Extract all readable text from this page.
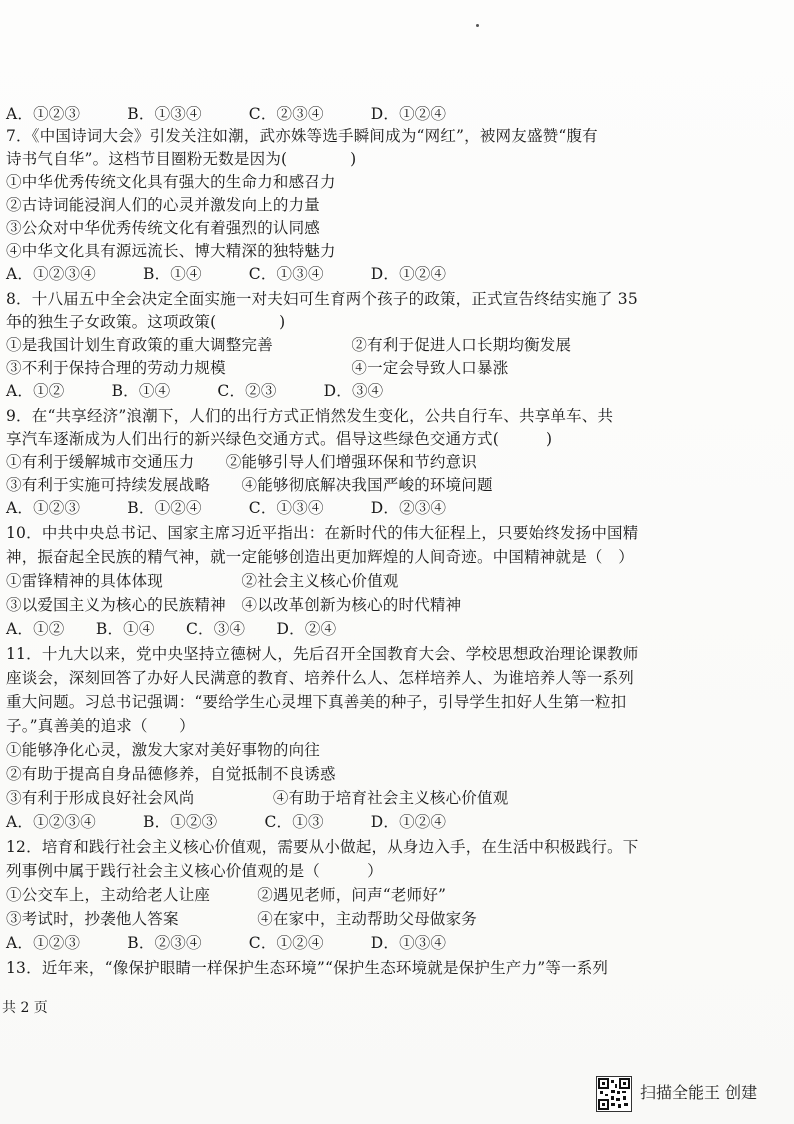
A．①②③　　　B．①③④　　　C．②③④　　　D．①②④
7．《中国诗词大会》引发关注如潮，武亦姝等选手瞬间成为“网红”，被网友盛赞“腹有
诗书气自华”。这档节目圈粉无数是因为(　　　　)
①中华优秀传统文化具有强大的生命力和感召力
②古诗词能浸润人们的心灵并激发向上的力量
③公众对中华优秀传统文化有着强烈的认同感
④中华文化具有源远流长、博大精深的独特魅力
A．①②③④　　　B．①④　　　C．①③④　　　D．①②④
8．十八届五中全会决定全面实施一对夫妇可生育两个孩子的政策，正式宣告终结实施了 35
年的独生子女政策。这项政策(　　　　)
①是我国计划生育政策的重大调整完善　　　　　②有利于促进人口长期均衡发展
③不利于保持合理的劳动力规模　　　　　　　　④一定会导致人口暴涨
A．①②　　　B．①④　　　C．②③　　　D．③④
9．在“共享经济”浪潮下，人们的出行方式正悄然发生变化，公共自行车、共享单车、共
享汽车逐渐成为人们出行的新兴绿色交通方式。倡导这些绿色交通方式(　　　)
①有利于缓解城市交通压力　　②能够引导人们增强环保和节约意识
③有利于实施可持续发展战略　　④能够彻底解决我国严峻的环境问题
A．①②③　　　B．①②④　　　C．①③④　　　D．②③④
10．中共中央总书记、国家主席习近平指出：在新时代的伟大征程上，只要始终发扬中国精
神，振奋起全民族的精气神，就一定能够创造出更加辉煌的人间奇迹。中国精神就是（　）
①雷锋精神的具体体现　　　　　②社会主义核心价值观
③以爱国主义为核心的民族精神　④以改革创新为核心的时代精神
A．①②　　B．①④　　C．③④　　D．②④
11．十九大以来，党中央坚持立德树人，先后召开全国教育大会、学校思想政治理论课教师
座谈会，深刻回答了办好人民满意的教育、培养什么人、怎样培养人、为谁培养人等一系列
重大问题。习总书记强调：“要给学生心灵埋下真善美的种子，引导学生扣好人生第一粒扣
子。”真善美的追求（　　）
①能够净化心灵，激发大家对美好事物的向往
②有助于提高自身品德修养，自觉抵制不良诱惑
③有利于形成良好社会风尚　　　　　④有助于培育社会主义核心价值观
A．①②③④　　　B．①②③　　　C．①③　　　D．①②④
12．培育和践行社会主义核心价值观，需要从小做起，从身边入手，在生活中积极践行。下
列事例中属于践行社会主义核心价值观的是（　　　）
①公交车上，主动给老人让座　　　②遇见老师，问声“老师好”
③考试时，抄袭他人答案　　　　　④在家中，主动帮助父母做家务
A．①②③　　　B．②③④　　　C．①②④　　　D．①③④
13．近年来，“像保护眼睛一样保护生态环境”“保护生态环境就是保护生产力”等一系列
共 2 页
扫描全能王 创建
